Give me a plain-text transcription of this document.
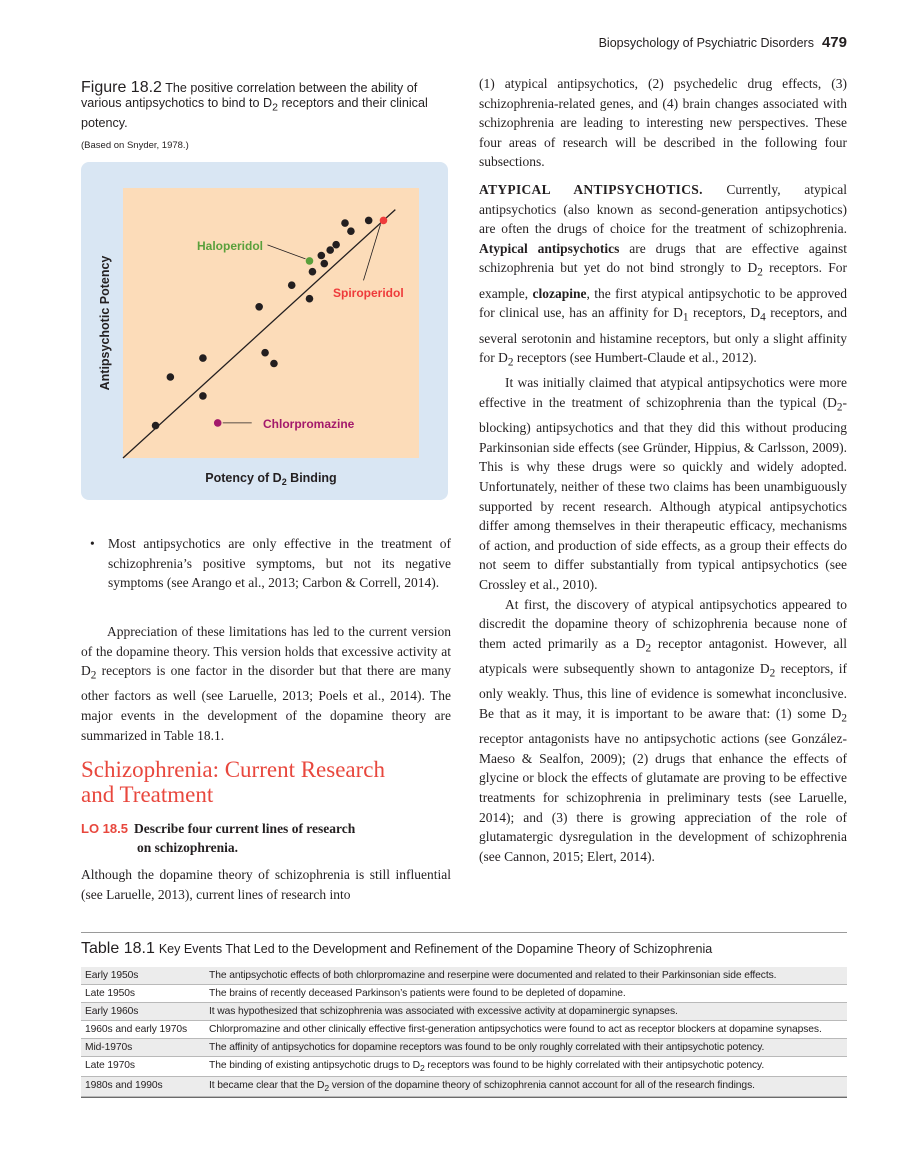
Biopsychology of Psychiatric Disorders 479
Figure 18.2 The positive correlation between the ability of various antipsychotics to bind to $D_2$ receptors and their clinical potency.
(Based on Snyder, 1978.)
Antipsychotic Potency
Potency of $D_2$ Binding
Haloperidol
Spiroperidol
Chlorpromazine

(1) atypical antipsychotics, (2) psychedelic drug effects, (3) schizophrenia-related genes, and (4) brain changes associated with schizophrenia are leading to interesting new perspectives. These four areas of research will be described in the following four subsections.

ATYPICAL ANTIPSYCHOTICS. Currently, atypical antipsychotics (also known as second-generation antipsychotics) are often the drugs of choice for the treatment of schizophrenia. Atypical antipsychotics are drugs that are effective against schizophrenia but yet do not bind strongly to $D_2$ receptors. For example, clozapine, the first atypical antipsychotic to be approved for clinical use, has an affinity for $D_1$ receptors, $D_4$ receptors, and several serotonin and histamine receptors, but only a slight affinity for $D_2$ receptors (see Humbert-Claude et al., 2012).

It was initially claimed that atypical antipsychotics were more effective in the treatment of schizophrenia than the typical $(D_2-blocking)$ antipsychotics and that they did this without producing Parkinsonian side effects (see Gründer, Hippius, & Carlsson, 2009). This is why these drugs were so quickly and widely adopted. Unfortunately, neither of these two claims has been unambiguously supported by recent research. Although atypical antipsychotics differ among themselves in their therapeutic efficacy, mechanisms of action, and production of side effects, as a group their effects do not seem to differ substantially from typical antipsychotics (see Crossley et al., 2010).

At first, the discovery of atypical antipsychotics appeared to discredit the dopamine theory of schizophrenia because none of them acted primarily as a $D_2$ receptor antagonist. However, all atypicals were subsequently shown to antagonize $D_2$ receptors, if only weakly. Thus, this line of evidence is somewhat inconclusive. Be that as it may, it is important to be aware that: (1) some $D_2$ receptor antagonists have no antipsychotic actions (see González-Maeso & Sealfon, 2009); (2) drugs that enhance the effects of glycine or block the effects of glutamate are proving to be effective treatments for schizophrenia in preliminary tests (see Laruelle, 2014); and (3) there is growing appreciation of the role of glutamatergic dysregulation in the development of schizophrenia (see Cannon, 2015; Elert, 2014).

• Most antipsychotics are only effective in the treatment of schizophrenia’s positive symptoms, but not its negative symptoms (see Arango et al., 2013; Carbon & Correll, 2014).

Appreciation of these limitations has led to the current version of the dopamine theory. This version holds that excessive activity at $D_2$ receptors is one factor in the disorder but that there are many other factors as well (see Laruelle, 2013; Poels et al., 2014). The major events in the development of the dopamine theory are summarized in Table 18.1.

Schizophrenia: Current Research
and Treatment
LO 18.5 Describe four current lines of research
on schizophrenia.

Although the dopamine theory of schizophrenia is still influential (see Laruelle, 2013), current lines of research into

Table 18.1 Key Events That Led to the Development and Refinement of the Dopamine Theory of Schizophrenia
Early 1950s	The antipsychotic effects of both chlorpromazine and reserpine were documented and related to their Parkinsonian side effects.
Late 1950s	The brains of recently deceased Parkinson’s patients were found to be depleted of dopamine.
Early 1960s	It was hypothesized that schizophrenia was associated with excessive activity at dopaminergic synapses.
1960s and early 1970s	Chlorpromazine and other clinically effective first-generation antipsychotics were found to act as receptor blockers at dopamine synapses.
Mid-1970s	The affinity of antipsychotics for dopamine receptors was found to be only roughly correlated with their antipsychotic potency.
Late 1970s	The binding of existing antipsychotic drugs to $D_2$ receptors was found to be highly correlated with their antipsychotic potency.
1980s and 1990s	It became clear that the $D_2$ version of the dopamine theory of schizophrenia cannot account for all of the research findings.
